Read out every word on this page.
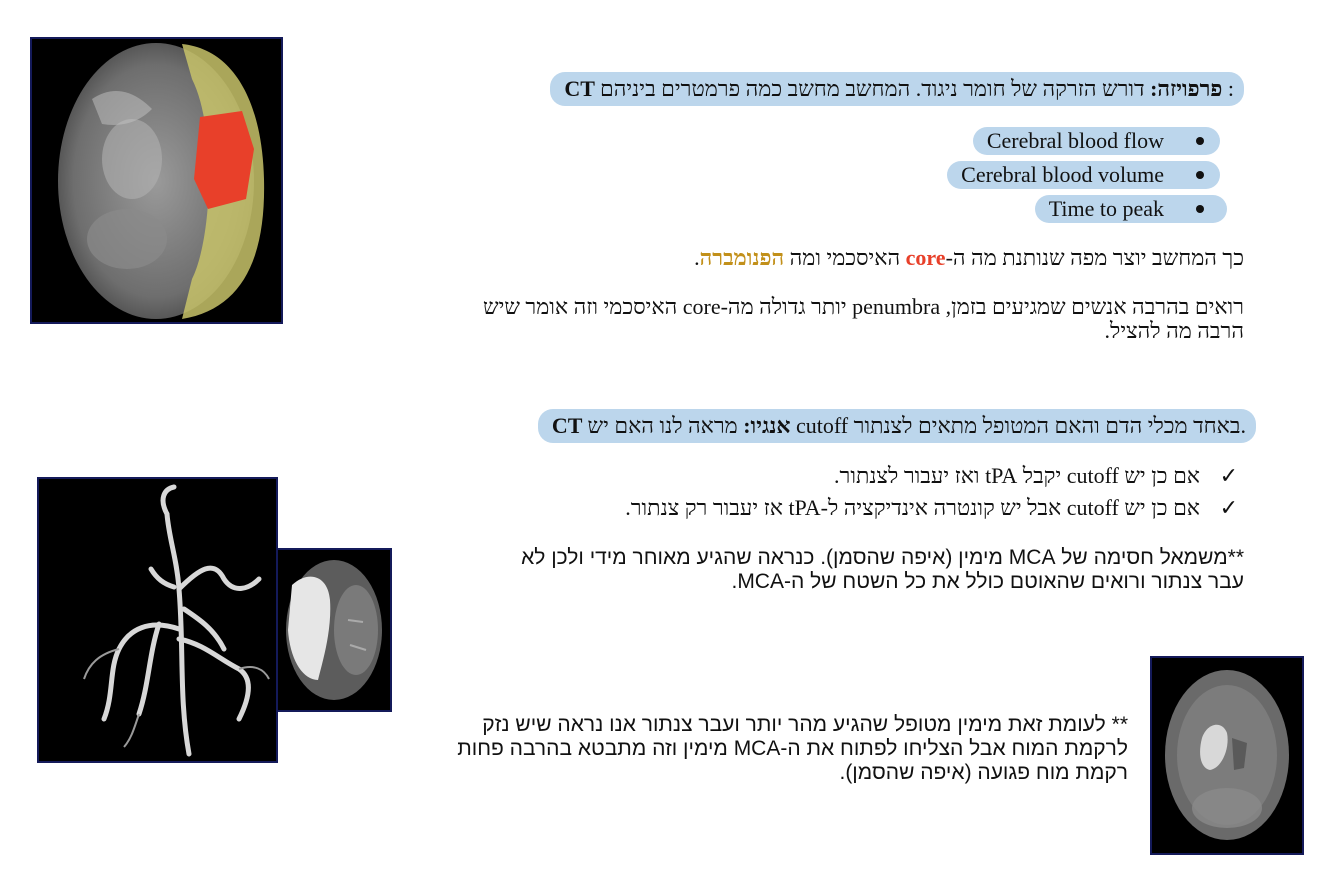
CT פרפויזה: דורש הזרקה של חומר ניגוד. המחשב מחשב כמה פרמטרים ביניהם :
Cerebral blood flow
Cerebral blood volume
Time to peak
כך המחשב יוצר מפה שנותנת מה ה-core האיסכמי ומה הפנומברה.
רואים בהרבה אנשים שמגיעים בזמן, penumbra יותר גדולה מה-core האיסכמי וזה אומר שיש
הרבה מה להציל.
CT אנגיו: מראה לנו האם יש cutoff באחד מכלי הדם והאם המטופל מתאים לצנתור.
✓
אם כן יש cutoff יקבל tPA ואז יעבור לצנתור.
✓
אם כן יש cutoff אבל יש קונטרה אינדיקציה ל-tPA אז יעבור רק צנתור.
**משמאל חסימה של MCA מימין (איפה שהסמן). כנראה שהגיע מאוחר מידי ולכן לא
עבר צנתור ורואים שהאוטם כולל את כל השטח של ה-MCA.
** לעומת זאת מימין מטופל שהגיע מהר יותר ועבר צנתור אנו נראה שיש נזק
לרקמת המוח אבל הצליחו לפתוח את ה-MCA מימין וזה מתבטא בהרבה פחות
רקמת מוח פגועה (איפה שהסמן).
